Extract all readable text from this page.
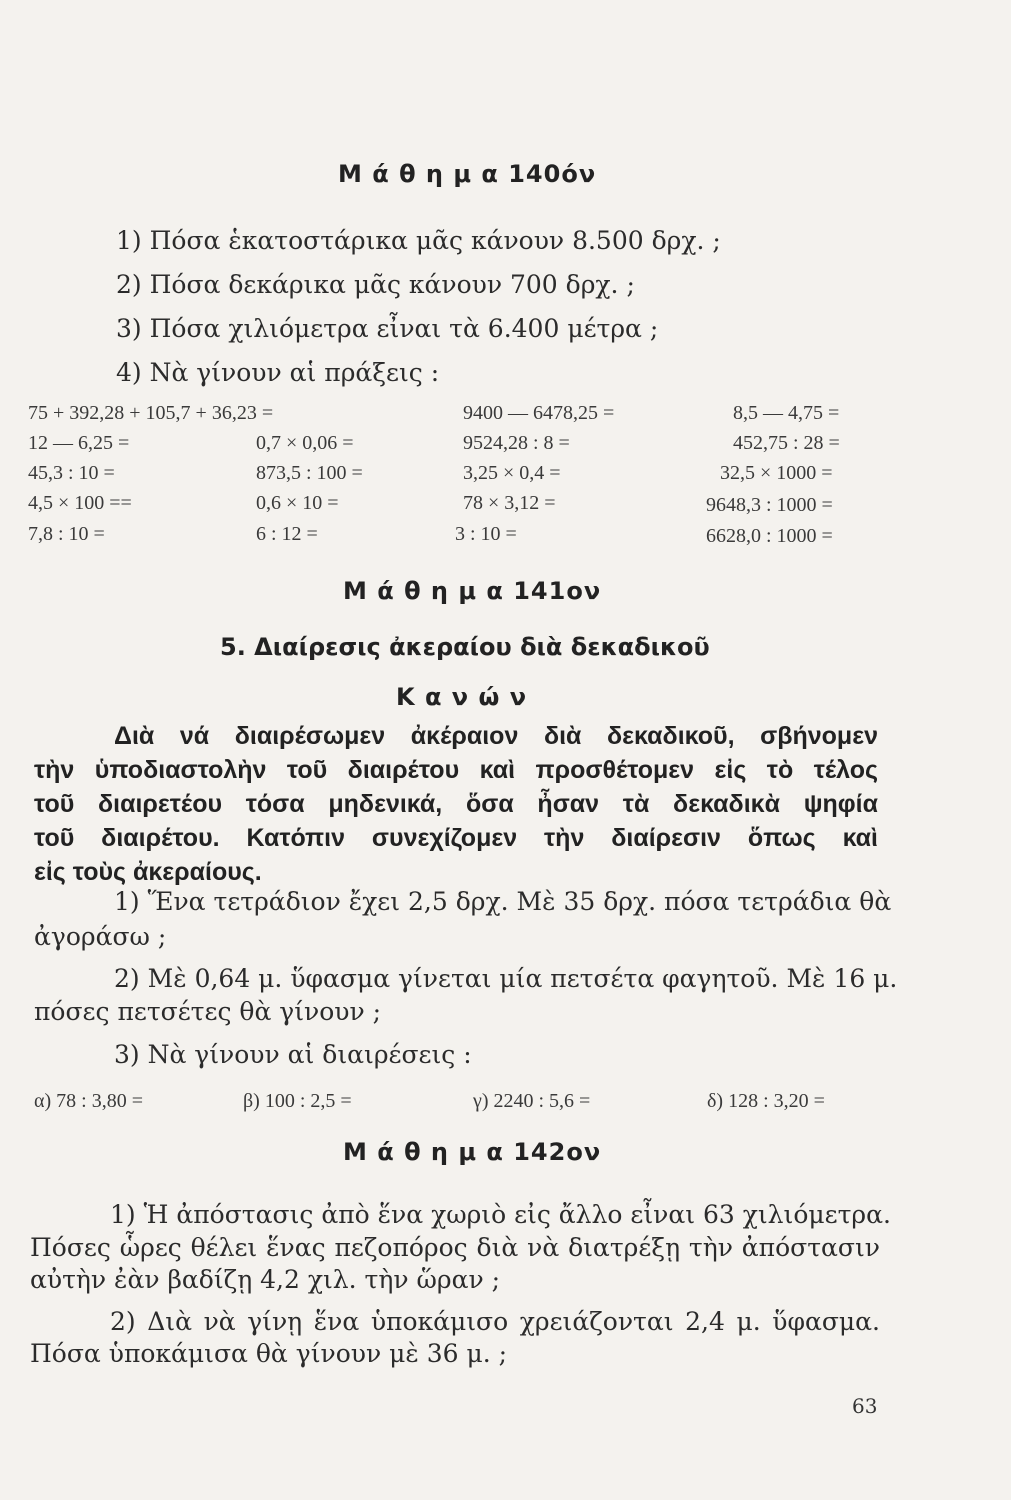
Μ ά θ η μ α 140όν
1) Πόσα ἑκατοστάρικα μᾶς κάνουν 8.500 δρχ. ;
2) Πόσα δεκάρικα μᾶς κάνουν 700 δρχ. ;
3) Πόσα χιλιόμετρα εἶναι τὰ 6.400 μέτρα ;
4) Νὰ γίνουν αἱ πράξεις :
75 + 392,28 + 105,7 + 36,23 =	9400 — 6478,25 =	8,5 — 4,75 =
12 — 6,25 =	0,7 × 0,06 =	9524,28 : 8 =	452,75 : 28 =
45,3 : 10 =	873,5 : 100 =	3,25 × 0,4 =	32,5 × 1000 =
4,5 × 100 ==	0,6 × 10 =	78 × 3,12 =	9648,3 : 1000 =
7,8 : 10 =	6 : 12 =	3 : 10 =	6628,0 : 1000 =
Μ ά θ η μ α 141ον
5. Διαίρεσις ἀκεραίου διὰ δεκαδικοῦ
Κ α ν ώ ν
Διὰ νά διαιρέσωμεν ἀκέραιον διὰ δεκαδικοῦ, σβήνομεν
τὴν ὑποδιαστολὴν τοῦ διαιρέτου καὶ προσθέτομεν εἰς τὸ τέλος
τοῦ διαιρετέου τόσα μηδενικά, ὅσα ἦσαν τὰ δεκαδικὰ ψηφία
τοῦ διαιρέτου. Κατόπιν συνεχίζομεν τὴν διαίρεσιν ὅπως καὶ
εἰς τοὺς ἀκεραίους.
1) Ἕνα τετράδιον ἔχει 2,5 δρχ. Μὲ 35 δρχ. πόσα τετράδια θὰ
ἀγοράσω ;
2) Μὲ 0,64 μ. ὕφασμα γίνεται μία πετσέτα φαγητοῦ. Μὲ 16 μ.
πόσες πετσέτες θὰ γίνουν ;
3) Νὰ γίνουν αἱ διαιρέσεις :
α) 78 : 3,80 =	β) 100 : 2,5 =	γ) 2240 : 5,6 =	δ) 128 : 3,20 =
Μ ά θ η μ α 142ον
1) Ἡ ἀπόστασις ἀπὸ ἕνα χωριὸ εἰς ἄλλο εἶναι 63 χιλιόμετρα.
Πόσες ὧρες θέλει ἕνας πεζοπόρος διὰ νὰ διατρέξῃ τὴν ἀπόστασιν
αὐτὴν ἐὰν βαδίζῃ 4,2 χιλ. τὴν ὥραν ;
2) Διὰ νὰ γίνῃ ἕνα ὑποκάμισο χρειάζονται 2,4 μ. ὕφασμα.
Πόσα ὑποκάμισα θὰ γίνουν μὲ 36 μ. ;
63
